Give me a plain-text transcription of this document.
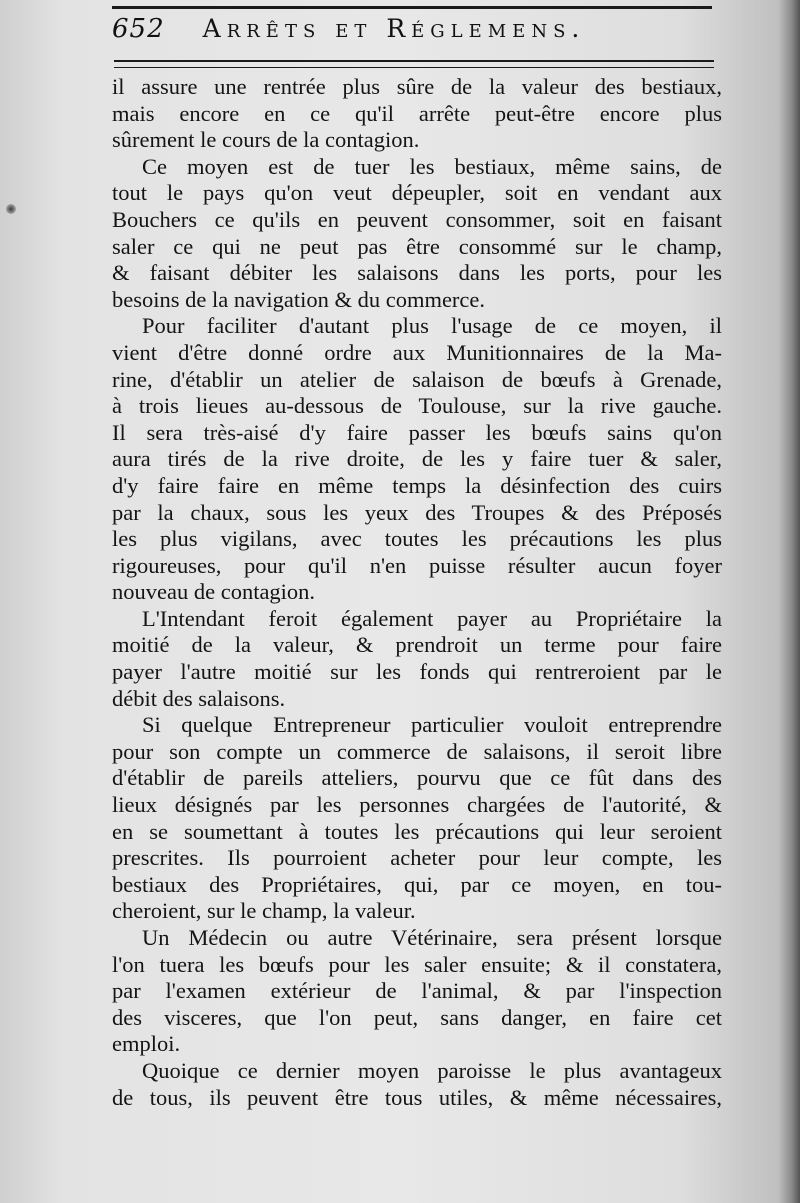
652 Arrêts et Réglemens.
il assure une rentrée plus sûre de la valeur des bestiaux,
mais encore en ce qu'il arrête peut-être encore plus
sûrement le cours de la contagion.
Ce moyen est de tuer les bestiaux, même sains, de
tout le pays qu'on veut dépeupler, soit en vendant aux
Bouchers ce qu'ils en peuvent consommer, soit en faisant
saler ce qui ne peut pas être consommé sur le champ,
& faisant débiter les salaisons dans les ports, pour les
besoins de la navigation & du commerce.
Pour faciliter d'autant plus l'usage de ce moyen, il
vient d'être donné ordre aux Munitionnaires de la Ma-
rine, d'établir un atelier de salaison de bœufs à Grenade,
à trois lieues au-dessous de Toulouse, sur la rive gauche.
Il sera très-aisé d'y faire passer les bœufs sains qu'on
aura tirés de la rive droite, de les y faire tuer & saler,
d'y faire faire en même temps la désinfection des cuirs
par la chaux, sous les yeux des Troupes & des Préposés
les plus vigilans, avec toutes les précautions les plus
rigoureuses, pour qu'il n'en puisse résulter aucun foyer
nouveau de contagion.
L'Intendant feroit également payer au Propriétaire la
moitié de la valeur, & prendroit un terme pour faire
payer l'autre moitié sur les fonds qui rentreroient par le
débit des salaisons.
Si quelque Entrepreneur particulier vouloit entreprendre
pour son compte un commerce de salaisons, il seroit libre
d'établir de pareils atteliers, pourvu que ce fût dans des
lieux désignés par les personnes chargées de l'autorité, &
en se soumettant à toutes les précautions qui leur seroient
prescrites. Ils pourroient acheter pour leur compte, les
bestiaux des Propriétaires, qui, par ce moyen, en tou-
cheroient, sur le champ, la valeur.
Un Médecin ou autre Vétérinaire, sera présent lorsque
l'on tuera les bœufs pour les saler ensuite; & il constatera,
par l'examen extérieur de l'animal, & par l'inspection
des visceres, que l'on peut, sans danger, en faire cet
emploi.
Quoique ce dernier moyen paroisse le plus avantageux
de tous, ils peuvent être tous utiles, & même nécessaires,
